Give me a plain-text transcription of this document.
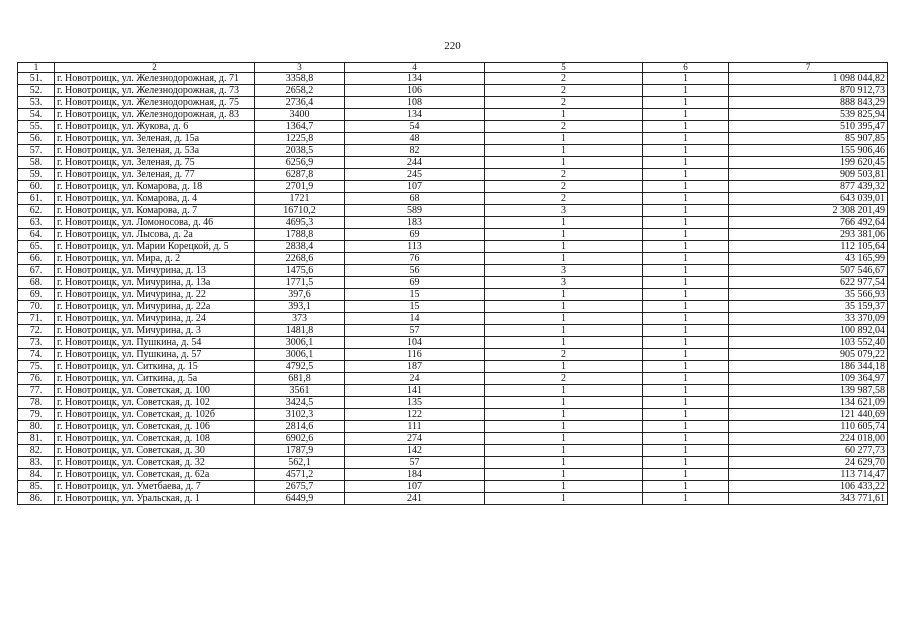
220
1	2	3	4	5	6	7
51.	г. Новотроицк, ул. Железнодорожная, д. 71	3358,8	134	2	1	1 098 044,82
52.	г. Новотроицк, ул. Железнодорожная, д. 73	2658,2	106	2	1	870 912,73
53.	г. Новотроицк, ул. Железнодорожная, д. 75	2736,4	108	2	1	888 843,29
54.	г. Новотроицк, ул. Железнодорожная, д. 83	3400	134	1	1	539 825,94
55.	г. Новотроицк, ул. Жукова, д. 6	1364,7	54	2	1	510 395,47
56.	г. Новотроицк, ул. Зеленая, д. 15а	1225,8	48	1	1	85 907,85
57.	г. Новотроицк, ул. Зеленая, д. 53а	2038,5	82	1	1	155 906,46
58.	г. Новотроицк, ул. Зеленая, д. 75	6256,9	244	1	1	199 620,45
59.	г. Новотроицк, ул. Зеленая, д. 77	6287,8	245	2	1	909 503,81
60.	г. Новотроицк, ул. Комарова, д. 18	2701,9	107	2	1	877 439,32
61.	г. Новотроицк, ул. Комарова, д. 4	1721	68	2	1	643 039,01
62.	г. Новотроицк, ул. Комарова, д. 7	16710,2	589	3	1	2 308 201,49
63.	г. Новотроицк, ул. Ломоносова, д. 46	4695,3	183	1	1	766 492,64
64.	г. Новотроицк, ул. Лысова, д. 2а	1788,8	69	1	1	293 381,06
65.	г. Новотроицк, ул. Марии Корецкой, д. 5	2838,4	113	1	1	112 105,64
66.	г. Новотроицк, ул. Мира, д. 2	2268,6	76	1	1	43 165,99
67.	г. Новотроицк, ул. Мичурина, д. 13	1475,6	56	3	1	507 546,67
68.	г. Новотроицк, ул. Мичурина, д. 13а	1771,5	69	3	1	622 977,54
69.	г. Новотроицк, ул. Мичурина, д. 22	397,6	15	1	1	35 566,93
70.	г. Новотроицк, ул. Мичурина, д. 22а	393,1	15	1	1	35 159,37
71.	г. Новотроицк, ул. Мичурина, д. 24	373	14	1	1	33 370,09
72.	г. Новотроицк, ул. Мичурина, д. 3	1481,8	57	1	1	100 892,04
73.	г. Новотроицк, ул. Пушкина, д. 54	3006,1	104	1	1	103 552,40
74.	г. Новотроицк, ул. Пушкина, д. 57	3006,1	116	2	1	905 079,22
75.	г. Новотроицк, ул. Ситкина, д. 15	4792,5	187	1	1	186 344,18
76.	г. Новотроицк, ул. Ситкина, д. 5а	681,8	24	2	1	109 364,97
77.	г. Новотроицк, ул. Советская, д. 100	3561	141	1	1	139 987,58
78.	г. Новотроицк, ул. Советская, д. 102	3424,5	135	1	1	134 621,09
79.	г. Новотроицк, ул. Советская, д. 102б	3102,3	122	1	1	121 440,69
80.	г. Новотроицк, ул. Советская, д. 106	2814,6	111	1	1	110 605,74
81.	г. Новотроицк, ул. Советская, д. 108	6902,6	274	1	1	224 018,00
82.	г. Новотроицк, ул. Советская, д. 30	1787,9	142	1	1	60 277,73
83.	г. Новотроицк, ул. Советская, д. 32	562,1	57	1	1	24 629,70
84.	г. Новотроицк, ул. Советская, д. 62а	4571,2	184	1	1	113 714,47
85.	г. Новотроицк, ул. Уметбаева, д. 7	2675,7	107	1	1	106 433,22
86.	г. Новотроицк, ул. Уральская, д. 1	6449,9	241	1	1	343 771,61
